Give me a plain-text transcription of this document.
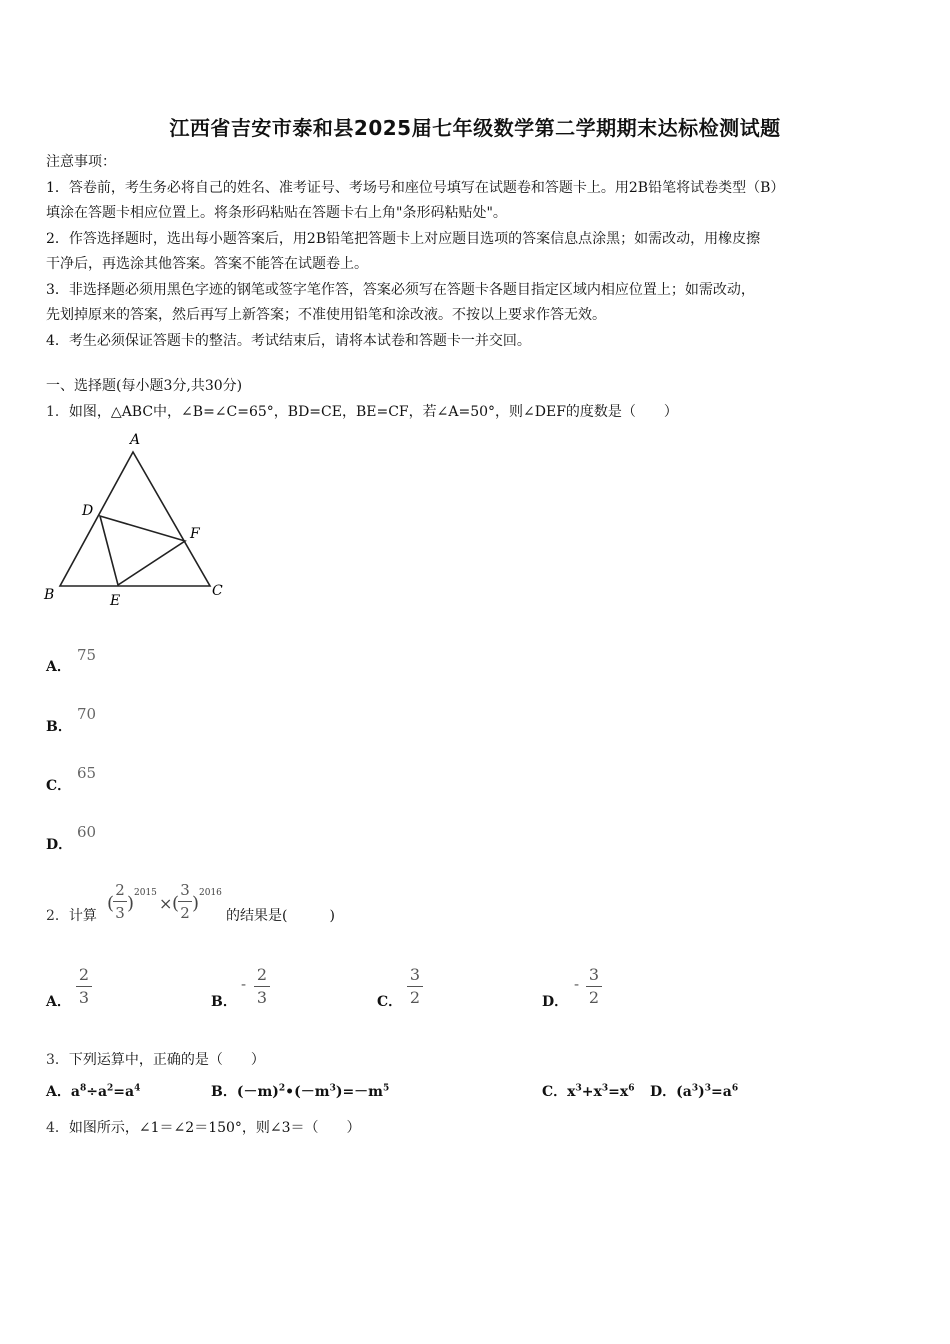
江西省吉安市泰和县2025届七年级数学第二学期期末达标检测试题
注意事项：
1．答卷前，考生务必将自己的姓名、准考证号、考场号和座位号填写在试题卷和答题卡上。用2B铅笔将试卷类型（B）
填涂在答题卡相应位置上。将条形码粘贴在答题卡右上角"条形码粘贴处"。
2．作答选择题时，选出每小题答案后，用2B铅笔把答题卡上对应题目选项的答案信息点涂黑；如需改动，用橡皮擦
干净后，再选涂其他答案。答案不能答在试题卷上。
3．非选择题必须用黑色字迹的钢笔或签字笔作答，答案必须写在答题卡各题目指定区域内相应位置上；如需改动，
先划掉原来的答案，然后再写上新答案；不准使用铅笔和涂改液。不按以上要求作答无效。
4．考生必须保证答题卡的整洁。考试结束后，请将本试卷和答题卡一并交回。
一、选择题(每小题3分,共30分)
1．如图，△ABC中，∠B=∠C=65°，BD=CE，BE=CF，若∠A=50°，则∠DEF的度数是（　　）
A
B	C
D
E
F
A．
75
B．
70
C．
65
D．
60
2．计算
(
2
3 ) 2015
× (
3
2 ) 2016
的结果是(　　　)
A．
2
3	B．
- 2
3	C．
3
2	D．
- 3
2
3．下列运算中，正确的是（　　）
A．$a^8\div a^2=a^4$	B．$(-m)^2•(-m^3)=-m^5$	C．$x^3+x^3=x^6$ D．$(a^3)^3=a^6$
4．如图所示，∠1＝∠2＝150°，则∠3＝（　　）
